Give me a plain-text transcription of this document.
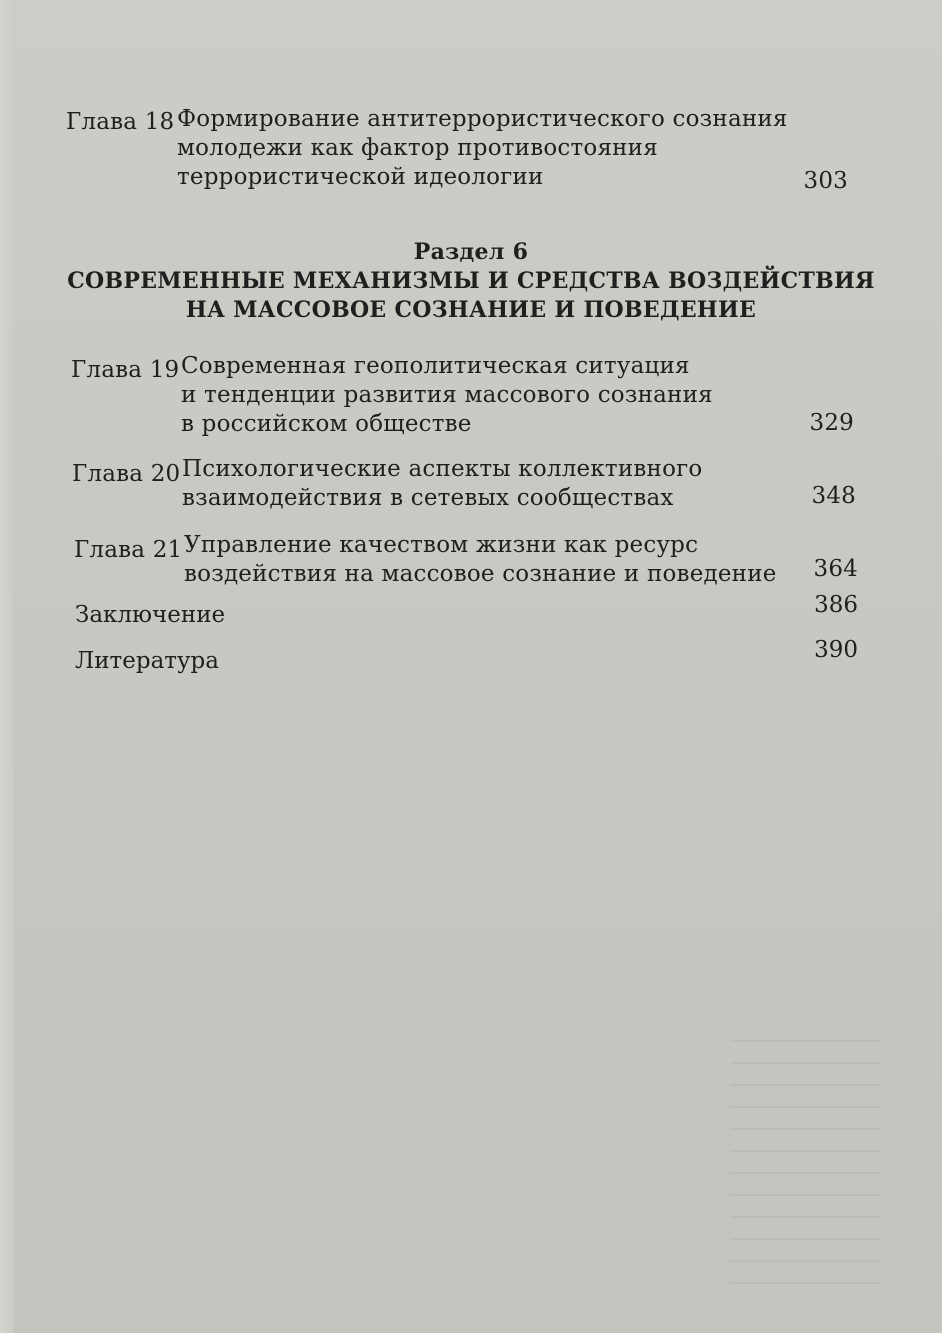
Глава 18 Формирование антитеррористического сознания
молодежи как фактор противостояния
террористической идеологии	303
Раздел 6
СОВРЕМЕННЫЕ МЕХАНИЗМЫ И СРЕДСТВА ВОЗДЕЙСТВИЯ
НА МАССОВОЕ СОЗНАНИЕ И ПОВЕДЕНИЕ
Глава 19 Современная геополитическая ситуация
и тенденции развития массового сознания
в российском обществе	329
Глава 20 Психологические аспекты коллективного
взаимодействия в сетевых сообществах	348
Глава 21 Управление качеством жизни как ресурс
воздействия на массовое сознание и поведение	364
Заключение	386
Литература	390
